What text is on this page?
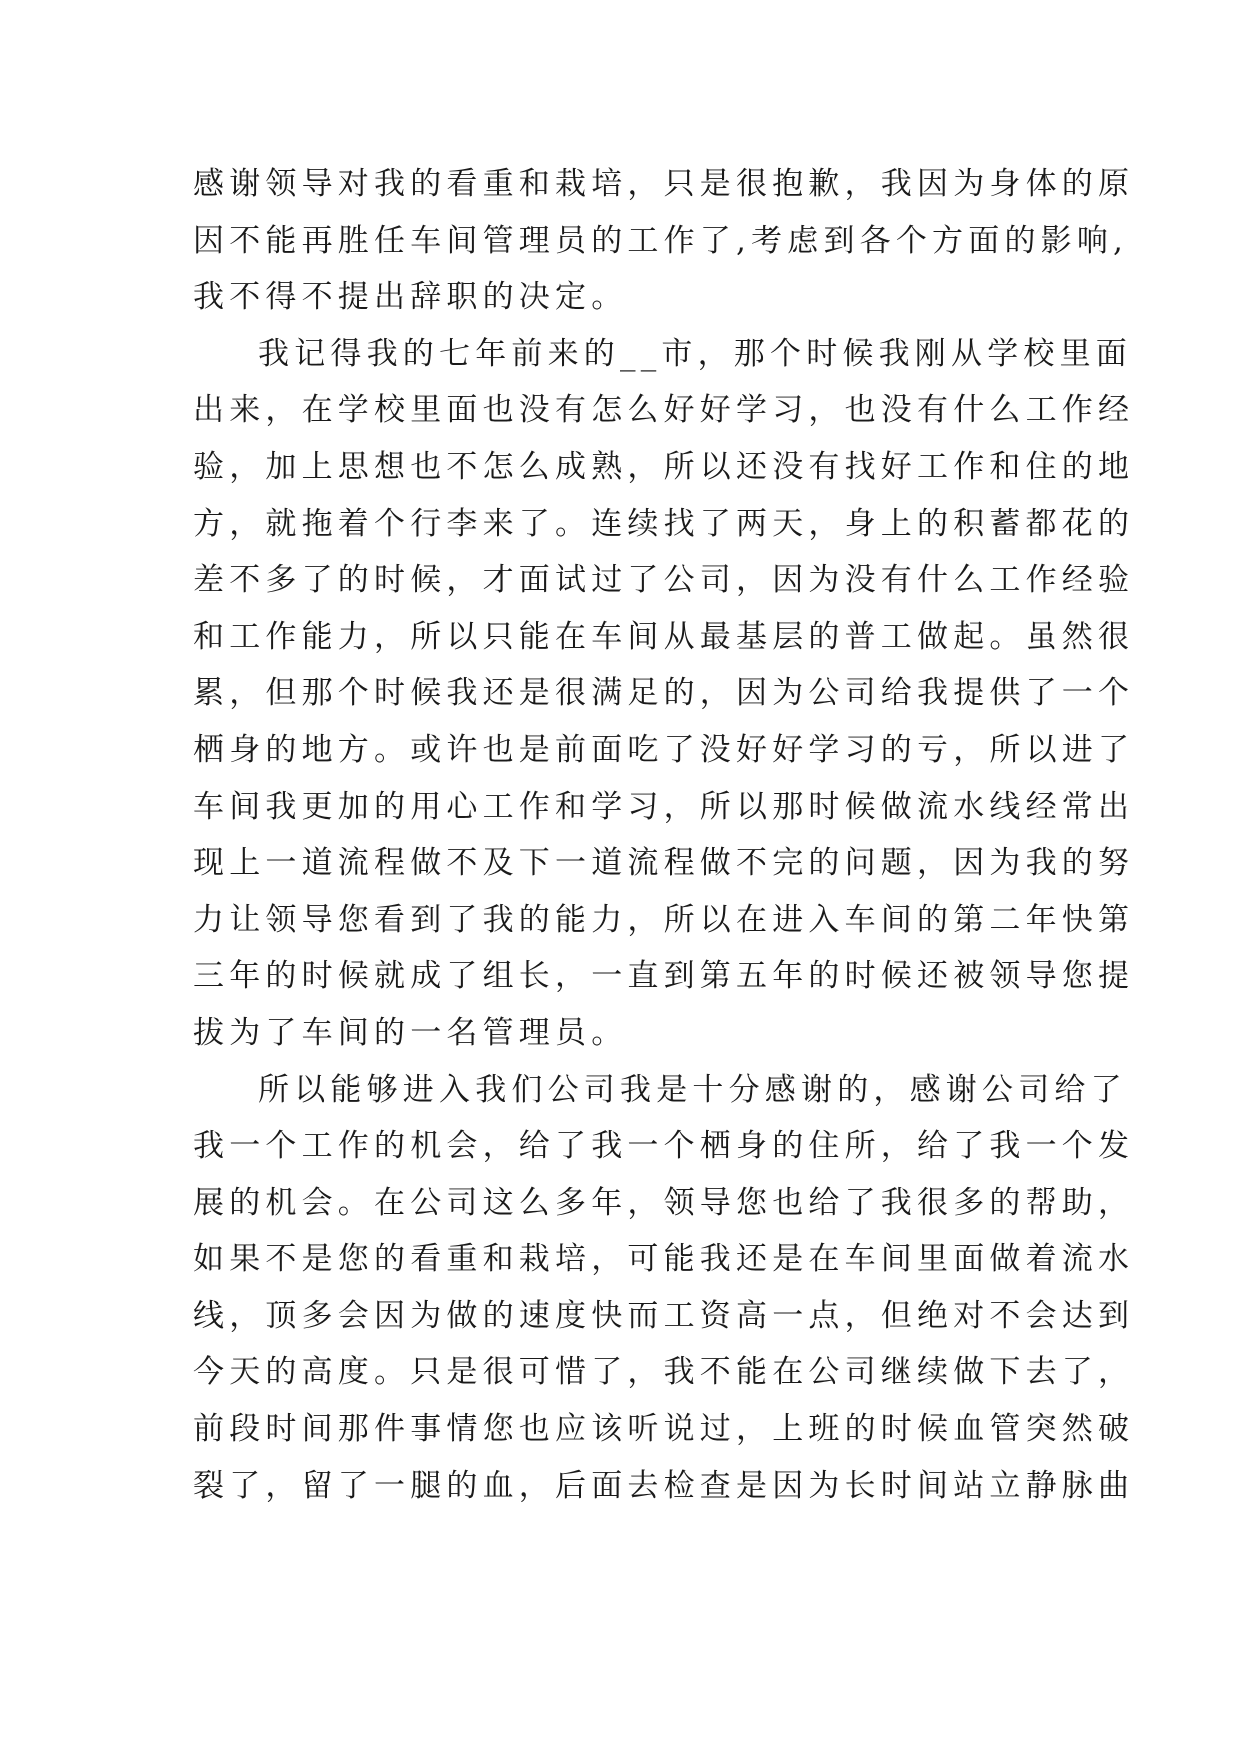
感谢领导对我的看重和栽培，只是很抱歉，我因为身体的原
因不能再胜任车间管理员的工作了,考虑到各个方面的影响,
我不得不提出辞职的决定。
我记得我的七年前来的__市，那个时候我刚从学校里面
出来，在学校里面也没有怎么好好学习，也没有什么工作经
验，加上思想也不怎么成熟，所以还没有找好工作和住的地
方，就拖着个行李来了。连续找了两天，身上的积蓄都花的
差不多了的时候，才面试过了公司，因为没有什么工作经验
和工作能力，所以只能在车间从最基层的普工做起。虽然很
累，但那个时候我还是很满足的，因为公司给我提供了一个
栖身的地方。或许也是前面吃了没好好学习的亏，所以进了
车间我更加的用心工作和学习，所以那时候做流水线经常出
现上一道流程做不及下一道流程做不完的问题，因为我的努
力让领导您看到了我的能力，所以在进入车间的第二年快第
三年的时候就成了组长，一直到第五年的时候还被领导您提
拔为了车间的一名管理员。
所以能够进入我们公司我是十分感谢的，感谢公司给了
我一个工作的机会，给了我一个栖身的住所，给了我一个发
展的机会。在公司这么多年，领导您也给了我很多的帮助，
如果不是您的看重和栽培，可能我还是在车间里面做着流水
线，顶多会因为做的速度快而工资高一点，但绝对不会达到
今天的高度。只是很可惜了，我不能在公司继续做下去了，
前段时间那件事情您也应该听说过，上班的时候血管突然破
裂了，留了一腿的血，后面去检查是因为长时间站立静脉曲
